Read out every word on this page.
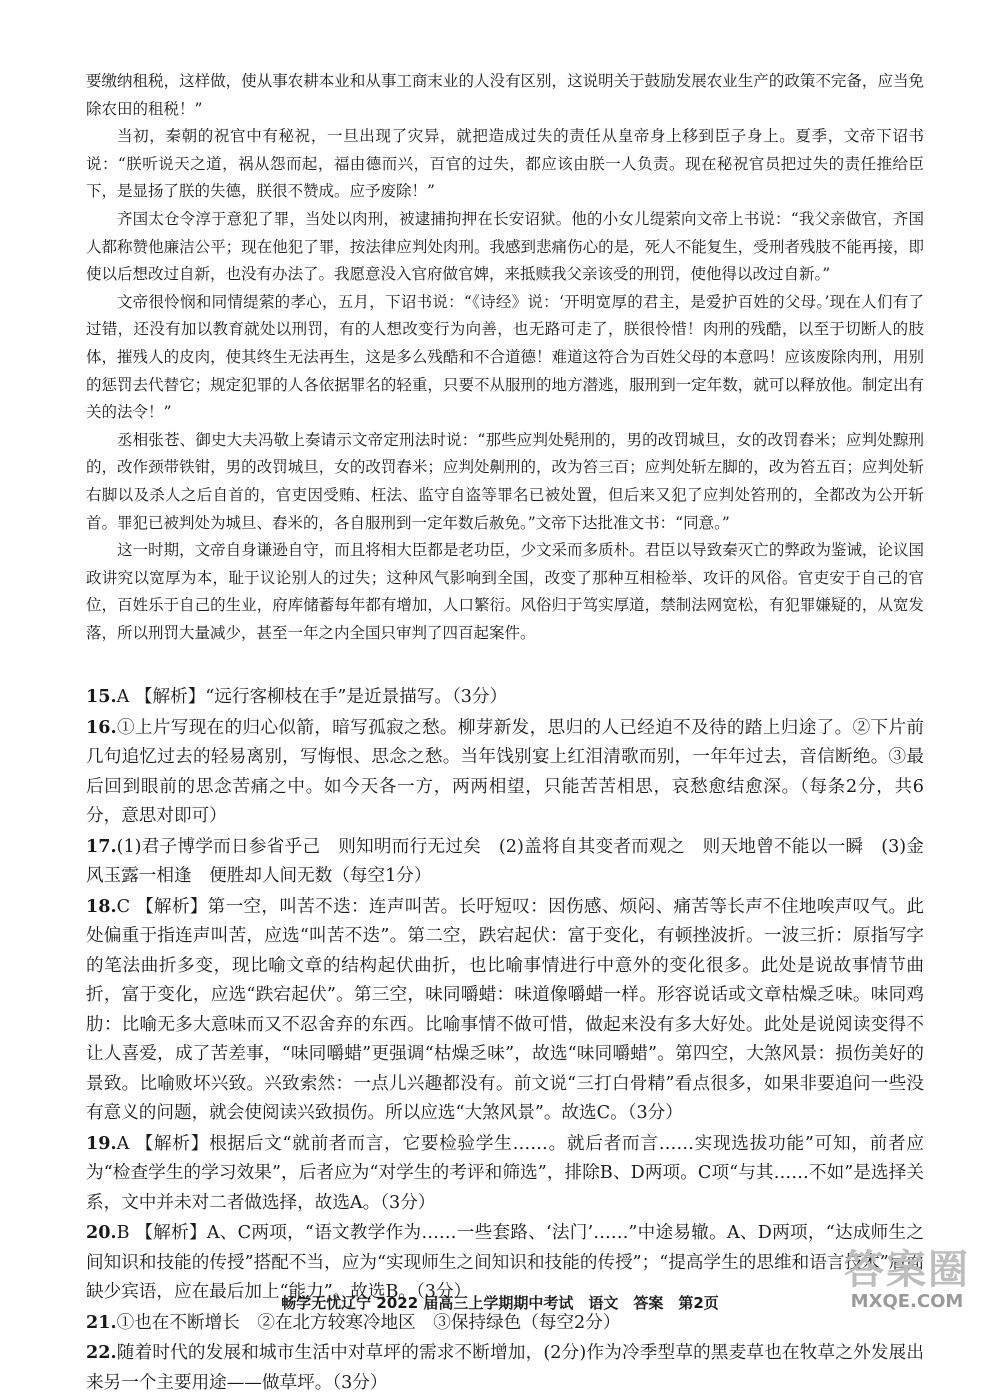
要缴纳租税，这样做，使从事农耕本业和从事工商末业的人没有区别，这说明关于鼓励发展农业生产的政策不完备，应当免除农田的租税！”

当初，秦朝的祝官中有秘祝，一旦出现了灾异，就把造成过失的责任从皇帝身上移到臣子身上。夏季，文帝下诏书说：“朕听说天之道，祸从怨而起，福由德而兴，百官的过失，都应该由朕一人负责。现在秘祝官员把过失的责任推给臣下，是显扬了朕的失德，朕很不赞成。应予废除！”

齐国太仓令淳于意犯了罪，当处以肉刑，被逮捕拘押在长安诏狱。他的小女儿缇萦向文帝上书说：“我父亲做官，齐国人都称赞他廉洁公平；现在他犯了罪，按法律应判处肉刑。我感到悲痛伤心的是，死人不能复生，受刑者残肢不能再接，即使以后想改过自新，也没有办法了。我愿意没入官府做官婢，来抵赎我父亲该受的刑罚，使他得以改过自新。”

文帝很怜悯和同情缇萦的孝心，五月，下诏书说：“《诗经》说：‘开明宽厚的君主，是爱护百姓的父母。’现在人们有了过错，还没有加以教育就处以刑罚，有的人想改变行为向善，也无路可走了，朕很怜惜！肉刑的残酷，以至于切断人的肢体，摧残人的皮肉，使其终生无法再生，这是多么残酷和不合道德！难道这符合为百姓父母的本意吗！应该废除肉刑，用别的惩罚去代替它；规定犯罪的人各依据罪名的轻重，只要不从服刑的地方潜逃，服刑到一定年数，就可以释放他。制定出有关的法令！”

丞相张苍、御史大夫冯敬上奏请示文帝定刑法时说：“那些应判处髡刑的，男的改罚城旦，女的改罚舂米；应判处黥刑的，改作颈带铁钳，男的改罚城旦，女的改罚舂米；应判处劓刑的，改为笞三百；应判处斩左脚的，改为笞五百；应判处斩右脚以及杀人之后自首的，官吏因受贿、枉法、监守自盗等罪名已被处置，但后来又犯了应判处笞刑的，全都改为公开斩首。罪犯已被判处为城旦、舂米的，各自服刑到一定年数后赦免。”文帝下达批准文书：“同意。”

这一时期，文帝自身谦逊自守，而且将相大臣都是老功臣，少文采而多质朴。君臣以导致秦灭亡的弊政为鉴诫，论议国政讲究以宽厚为本，耻于议论别人的过失；这种风气影响到全国，改变了那种互相检举、攻讦的风俗。官吏安于自己的官位，百姓乐于自己的生业，府库储蓄每年都有增加，人口繁衍。风俗归于笃实厚道，禁制法网宽松，有犯罪嫌疑的，从宽发落，所以刑罚大量减少，甚至一年之内全国只审判了四百起案件。

15.A 【解析】“远行客柳枝在手”是近景描写。（3分）

16.①上片写现在的归心似箭，暗写孤寂之愁。柳芽新发，思归的人已经迫不及待的踏上归途了。②下片前几句追忆过去的轻易离别，写悔恨、思念之愁。当年饯别宴上红泪清歌而别，一年年过去，音信断绝。③最后回到眼前的思念苦痛之中。如今天各一方，两两相望，只能苦苦相思，哀愁愈结愈深。（每条2分，共6分，意思对即可）

17.(1)君子博学而日参省乎己　则知明而行无过矣　(2)盖将自其变者而观之　则天地曾不能以一瞬　(3)金风玉露一相逢　便胜却人间无数（每空1分）

18.C 【解析】第一空，叫苦不迭：连声叫苦。长吁短叹：因伤感、烦闷、痛苦等长声不住地唉声叹气。此处偏重于指连声叫苦，应选“叫苦不迭”。第二空，跌宕起伏：富于变化，有顿挫波折。一波三折：原指写字的笔法曲折多变，现比喻文章的结构起伏曲折，也比喻事情进行中意外的变化很多。此处是说故事情节曲折，富于变化，应选“跌宕起伏”。第三空，味同嚼蜡：味道像嚼蜡一样。形容说话或文章枯燥乏味。味同鸡肋：比喻无多大意味而又不忍舍弃的东西。比喻事情不做可惜，做起来没有多大好处。此处是说阅读变得不让人喜爱，成了苦差事，“味同嚼蜡”更强调“枯燥乏味”，故选“味同嚼蜡”。第四空，大煞风景：损伤美好的景致。比喻败坏兴致。兴致索然：一点儿兴趣都没有。前文说“三打白骨精”看点很多，如果非要追问一些没有意义的问题，就会使阅读兴致损伤。所以应选“大煞风景”。故选C。（3分）

19.A 【解析】根据后文“就前者而言，它要检验学生……。就后者而言……实现选拔功能”可知，前者应为“检查学生的学习效果”，后者应为“对学生的考评和筛选”，排除B、D两项。C项“与其……不如”是选择关系，文中并未对二者做选择，故选A。（3分）

20.B 【解析】A、C两项，“语文教学作为……一些套路、‘法门’……”中途易辙。A、D两项，“达成师生之间知识和技能的传授”搭配不当，应为“实现师生之间知识和技能的传授”；“提高学生的思维和语言技术”后面缺少宾语，应在最后加上“能力”。故选B。（3分）

21.①也在不断增长　②在北方较寒冷地区　③保持绿色（每空2分）

22.随着时代的发展和城市生活中对草坪的需求不断增加，(2分)作为冷季型草的黑麦草也在牧草之外发展出来另一个主要用途——做草坪。（3分）

畅学无忧辽宁 2022 届高三上学期期中考试　语文　答案　第2页
答案圈
MXQE.COM
